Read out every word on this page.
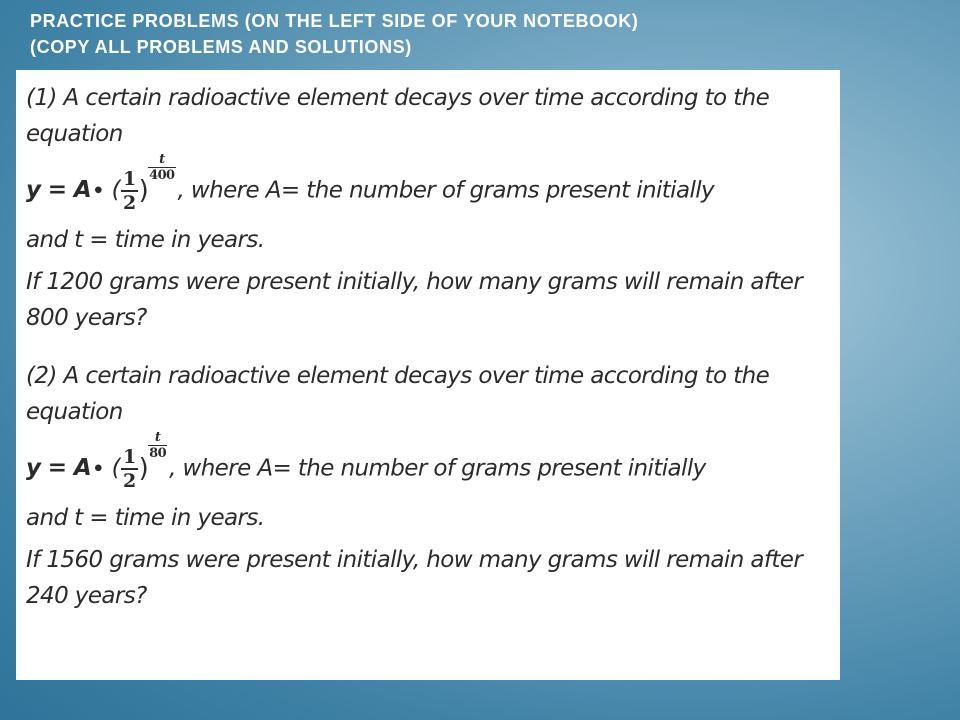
PRACTICE PROBLEMS (ON THE LEFT SIDE OF YOUR NOTEBOOK)
(COPY ALL PROBLEMS AND SOLUTIONS)

(1) A certain radioactive element decays over time according to the equation

y = A∙ ( $\frac{1}{2}$ )
$\frac{t}{400}$
, where A= the number of grams present initially

and t = time in years.

If 1200 grams were present initially, how many grams will remain after 800 years?

(2) A certain radioactive element decays over time according to the equation

y = A∙ ( $\frac{1}{2}$ )
$\frac{t}{80}$
, where A= the number of grams present initially

and t = time in years.

If 1560 grams were present initially, how many grams will remain after 240 years?
